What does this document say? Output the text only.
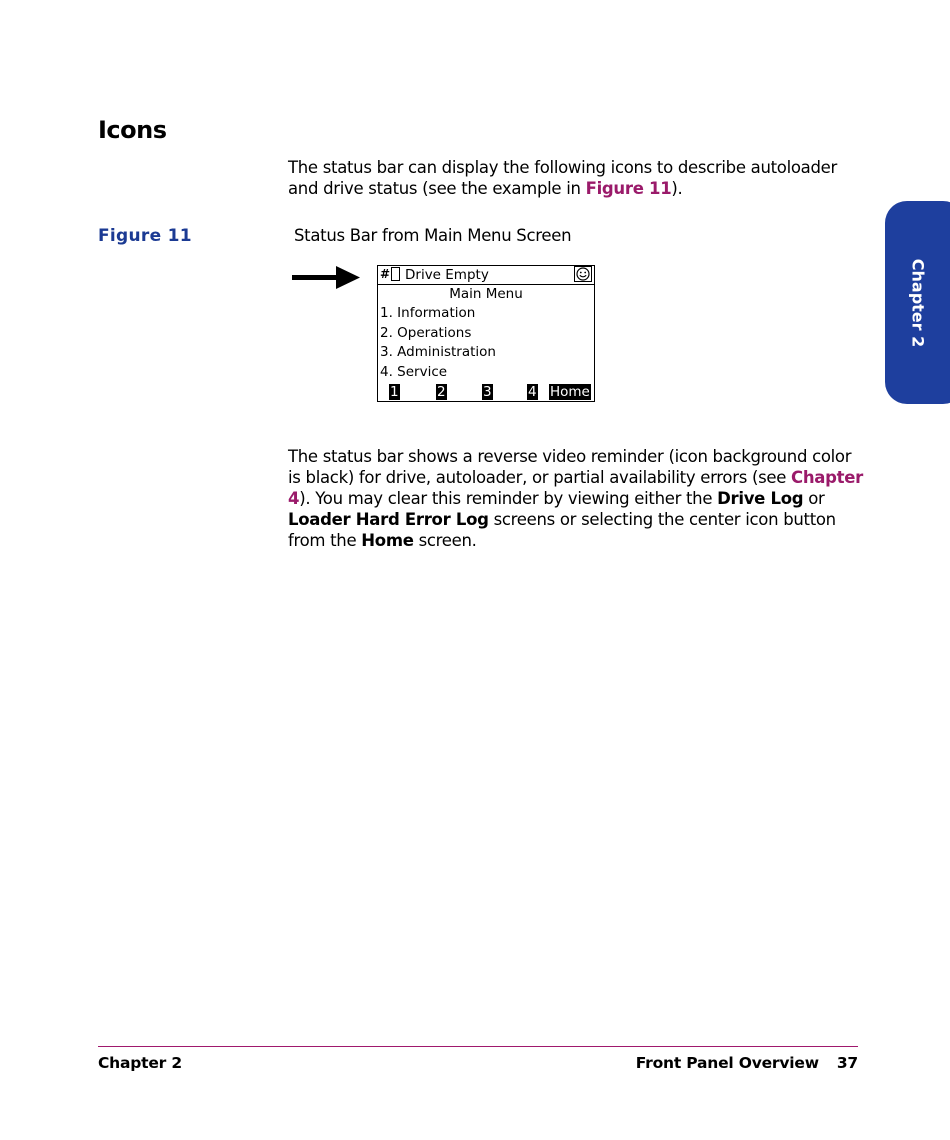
Icons
The status bar can display the following icons to describe autoloader and drive status (see the example in Figure 11).
Figure 11	Status Bar from Main Menu Screen
# Drive Empty
Main Menu
1. Information
2. Operations
3. Administration
4. Service
1	2	3	4 Home
The status bar shows a reverse video reminder (icon background color is black) for drive, autoloader, or partial availability errors (see Chapter 4). You may clear this reminder by viewing either the Drive Log or Loader Hard Error Log screens or selecting the center icon button from the Home screen.
Chapter 2
Chapter 2	Front Panel Overview 37
